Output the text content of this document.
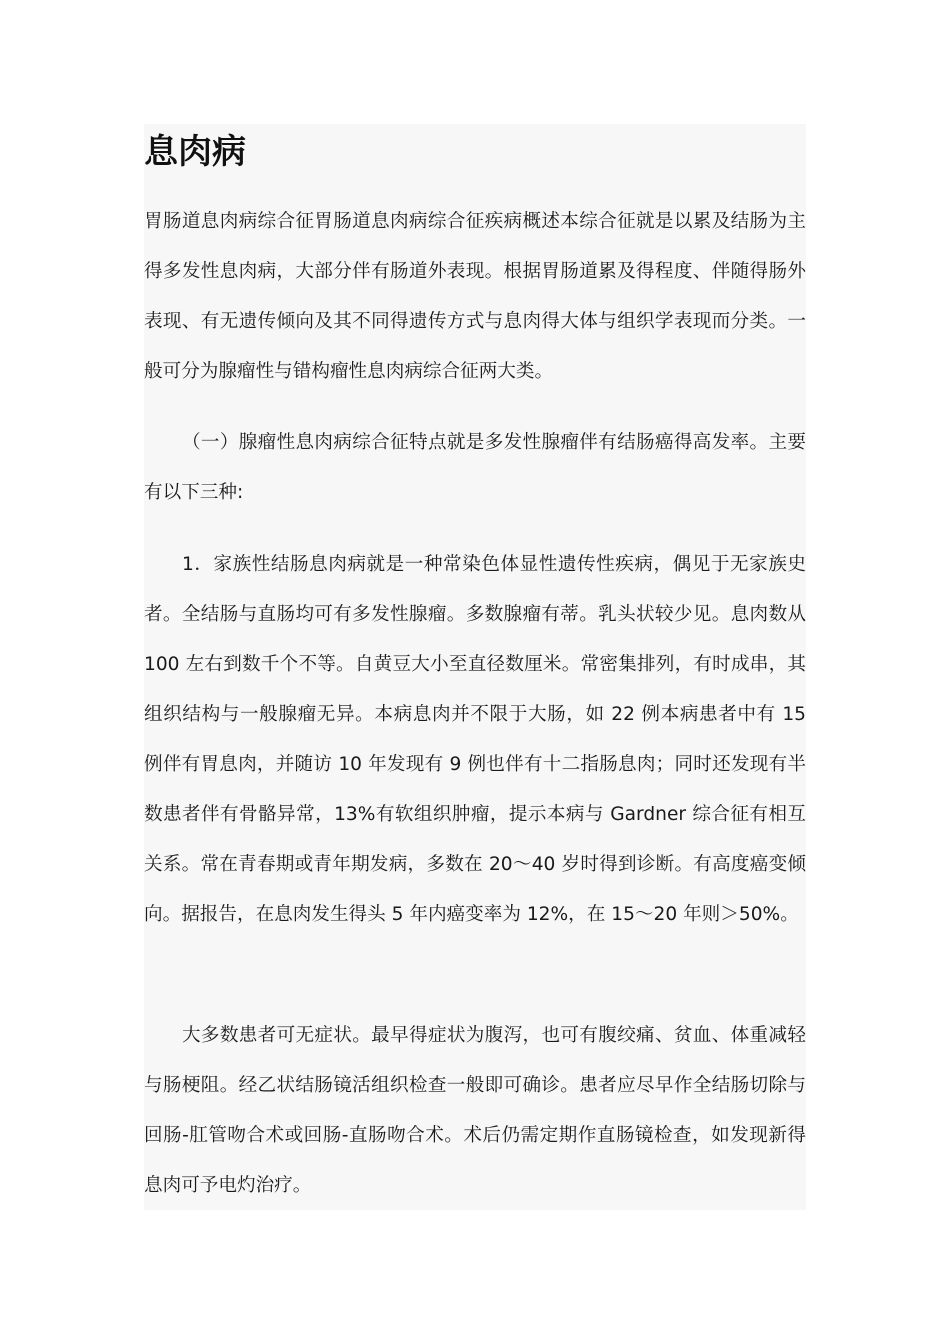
息肉病

胃肠道息肉病综合征胃肠道息肉病综合征疾病概述本综合征就是以累及结肠为主得多发性息肉病，大部分伴有肠道外表现。根据胃肠道累及得程度、伴随得肠外表现、有无遗传倾向及其不同得遗传方式与息肉得大体与组织学表现而分类。一般可分为腺瘤性与错构瘤性息肉病综合征两大类。

（一）腺瘤性息肉病综合征特点就是多发性腺瘤伴有结肠癌得高发率。主要有以下三种:

1．家族性结肠息肉病就是一种常染色体显性遗传性疾病，偶见于无家族史者。全结肠与直肠均可有多发性腺瘤。多数腺瘤有蒂。乳头状较少见。息肉数从 100 左右到数千个不等。自黄豆大小至直径数厘米。常密集排列，有时成串，其组织结构与一般腺瘤无异。本病息肉并不限于大肠，如 22 例本病患者中有 15 例伴有胃息肉，并随访 10 年发现有 9 例也伴有十二指肠息肉；同时还发现有半数患者伴有骨骼异常，13%有软组织肿瘤，提示本病与 Gardner 综合征有相互关系。常在青春期或青年期发病，多数在 20～40 岁时得到诊断。有高度癌变倾向。据报告，在息肉发生得头 5 年内癌变率为 12%，在 15～20 年则＞50%。

大多数患者可无症状。最早得症状为腹泻，也可有腹绞痛、贫血、体重减轻与肠梗阻。经乙状结肠镜活组织检查一般即可确诊。患者应尽早作全结肠切除与回肠-肛管吻合术或回肠-直肠吻合术。术后仍需定期作直肠镜检查，如发现新得息肉可予电灼治疗。
